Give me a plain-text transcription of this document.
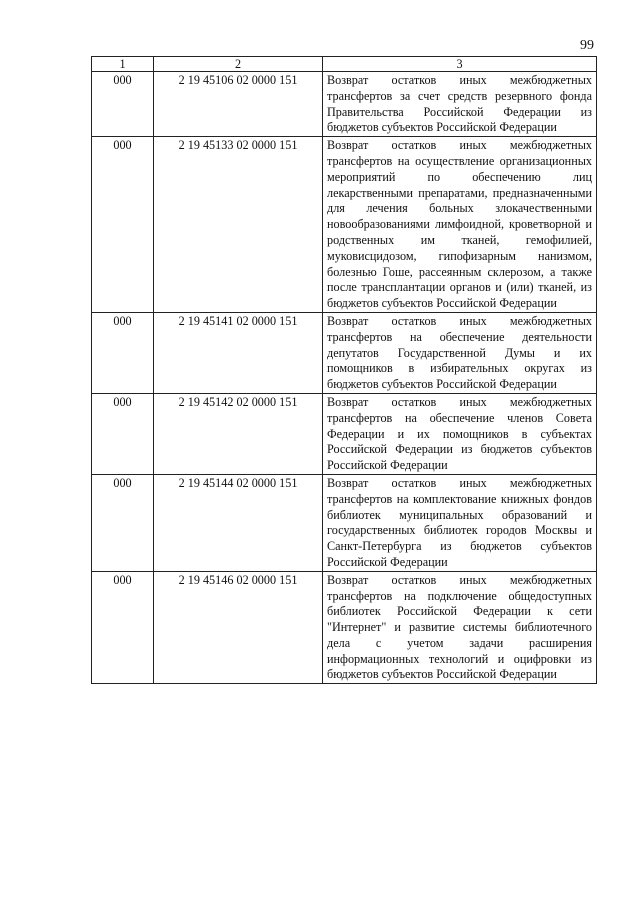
99
1	2	3
000	2 19 45106 02 0000 151	Возврат остатков иных межбюджетных трансфертов за счет средств резервного фонда Правительства Российской Федерации из бюджетов субъектов Российской Федерации
000	2 19 45133 02 0000 151	Возврат остатков иных межбюджетных трансфертов на осуществление организационных мероприятий по обеспечению лиц лекарственными препаратами, предназначенными для лечения больных злокачественными новообразованиями лимфоидной, кроветворной и родственных им тканей, гемофилией, муковисцидозом, гипофизарным нанизмом, болезнью Гоше, рассеянным склерозом, а также после трансплантации органов и (или) тканей, из бюджетов субъектов Российской Федерации
000	2 19 45141 02 0000 151	Возврат остатков иных межбюджетных трансфертов на обеспечение деятельности депутатов Государственной Думы и их помощников в избирательных округах из бюджетов субъектов Российской Федерации
000	2 19 45142 02 0000 151	Возврат остатков иных межбюджетных трансфертов на обеспечение членов Совета Федерации и их помощников в субъектах Российской Федерации из бюджетов субъектов Российской Федерации
000	2 19 45144 02 0000 151	Возврат остатков иных межбюджетных трансфертов на комплектование книжных фондов библиотек муниципальных образований и государственных библиотек городов Москвы и Санкт-Петербурга из бюджетов субъектов Российской Федерации
000	2 19 45146 02 0000 151	Возврат остатков иных межбюджетных трансфертов на подключение общедоступных библиотек Российской Федерации к сети "Интернет" и развитие системы библиотечного дела с учетом задачи расширения информационных технологий и оцифровки из бюджетов субъектов Российской Федерации
